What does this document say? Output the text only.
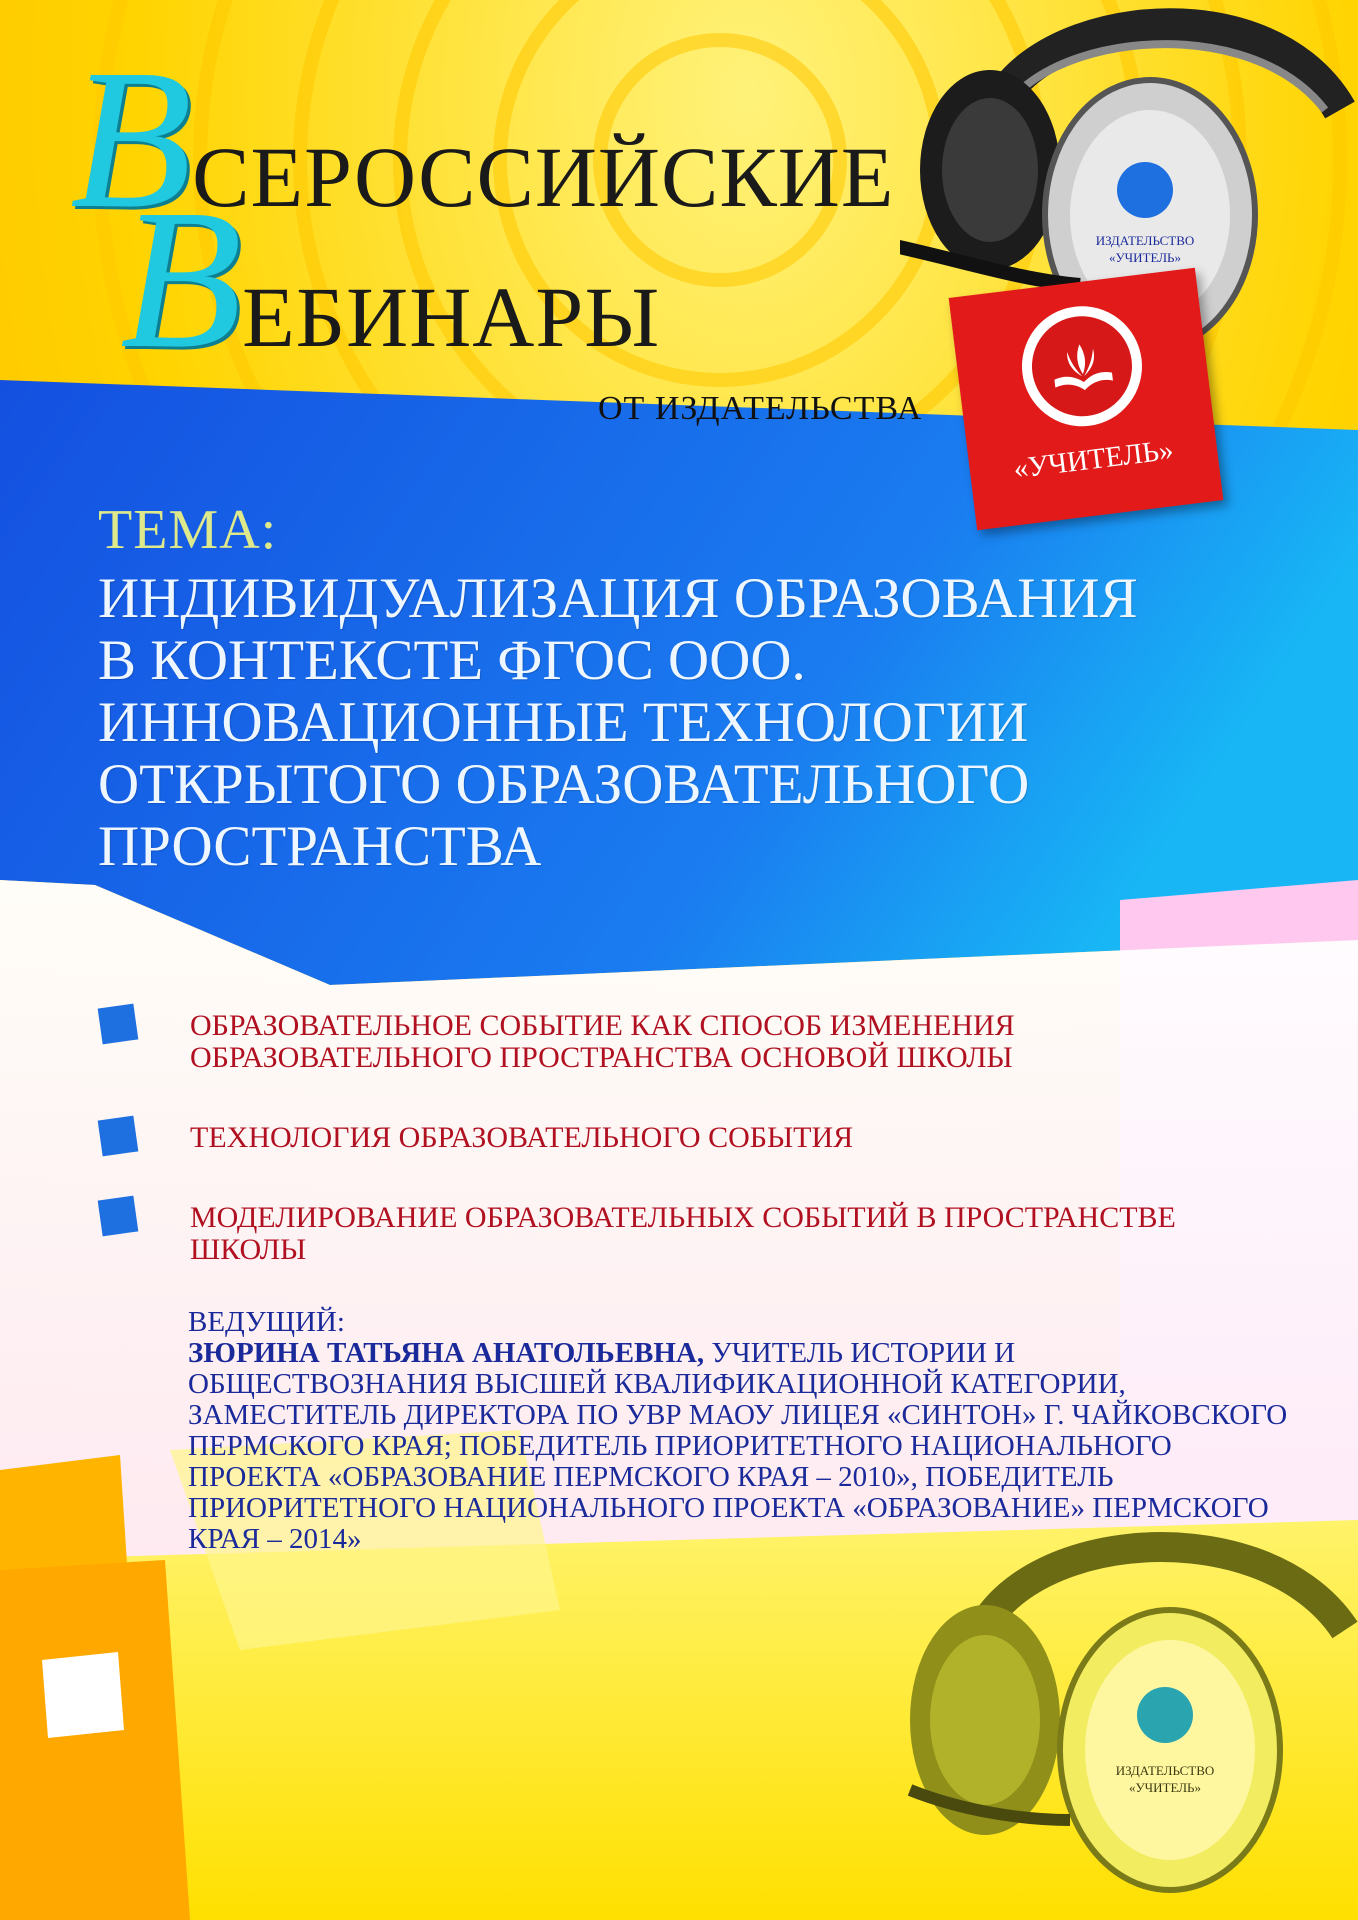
ИЗДАТЕЛЬСТВО
«УЧИТЕЛЬ»
ИЗДАТЕЛЬСТВО
«УЧИТЕЛЬ»
ВСЕРОССИЙСКИЕ
ВЕБИНАРЫ
ОТ ИЗДАТЕЛЬСТВА
«УЧИТЕЛЬ»
ТЕМА:
ИНДИВИДУАЛИЗАЦИЯ ОБРАЗОВАНИЯ
В КОНТЕКСТЕ ФГОС ООО.
ИННОВАЦИОННЫЕ ТЕХНОЛОГИИ
ОТКРЫТОГО ОБРАЗОВАТЕЛЬНОГО
ПРОСТРАНСТВА
ОБРАЗОВАТЕЛЬНОЕ СОБЫТИЕ КАК СПОСОБ ИЗМЕНЕНИЯ ОБРАЗОВАТЕЛЬНОГО ПРОСТРАНСТВА ОСНОВОЙ ШКОЛЫ
ТЕХНОЛОГИЯ ОБРАЗОВАТЕЛЬНОГО СОБЫТИЯ
МОДЕЛИРОВАНИЕ ОБРАЗОВАТЕЛЬНЫХ СОБЫТИЙ В ПРОСТРАНСТВЕ ШКОЛЫ
ВЕДУЩИЙ:
ЗЮРИНА ТАТЬЯНА АНАТОЛЬЕВНА, УЧИТЕЛЬ ИСТОРИИ И ОБЩЕСТВОЗНАНИЯ ВЫСШЕЙ КВАЛИФИКАЦИОННОЙ КАТЕГОРИИ, ЗАМЕСТИТЕЛЬ ДИРЕКТОРА ПО УВР МАОУ ЛИЦЕЯ «СИНТОН» Г. ЧАЙКОВСКОГО ПЕРМСКОГО КРАЯ; ПОБЕДИТЕЛЬ ПРИОРИТЕТНОГО НАЦИОНАЛЬНОГО ПРОЕКТА «ОБРАЗОВАНИЕ ПЕРМСКОГО КРАЯ – 2010», ПОБЕДИТЕЛЬ ПРИОРИТЕТНОГО НАЦИОНАЛЬНОГО ПРОЕКТА «ОБРАЗОВАНИЕ» ПЕРМСКОГО КРАЯ – 2014»
